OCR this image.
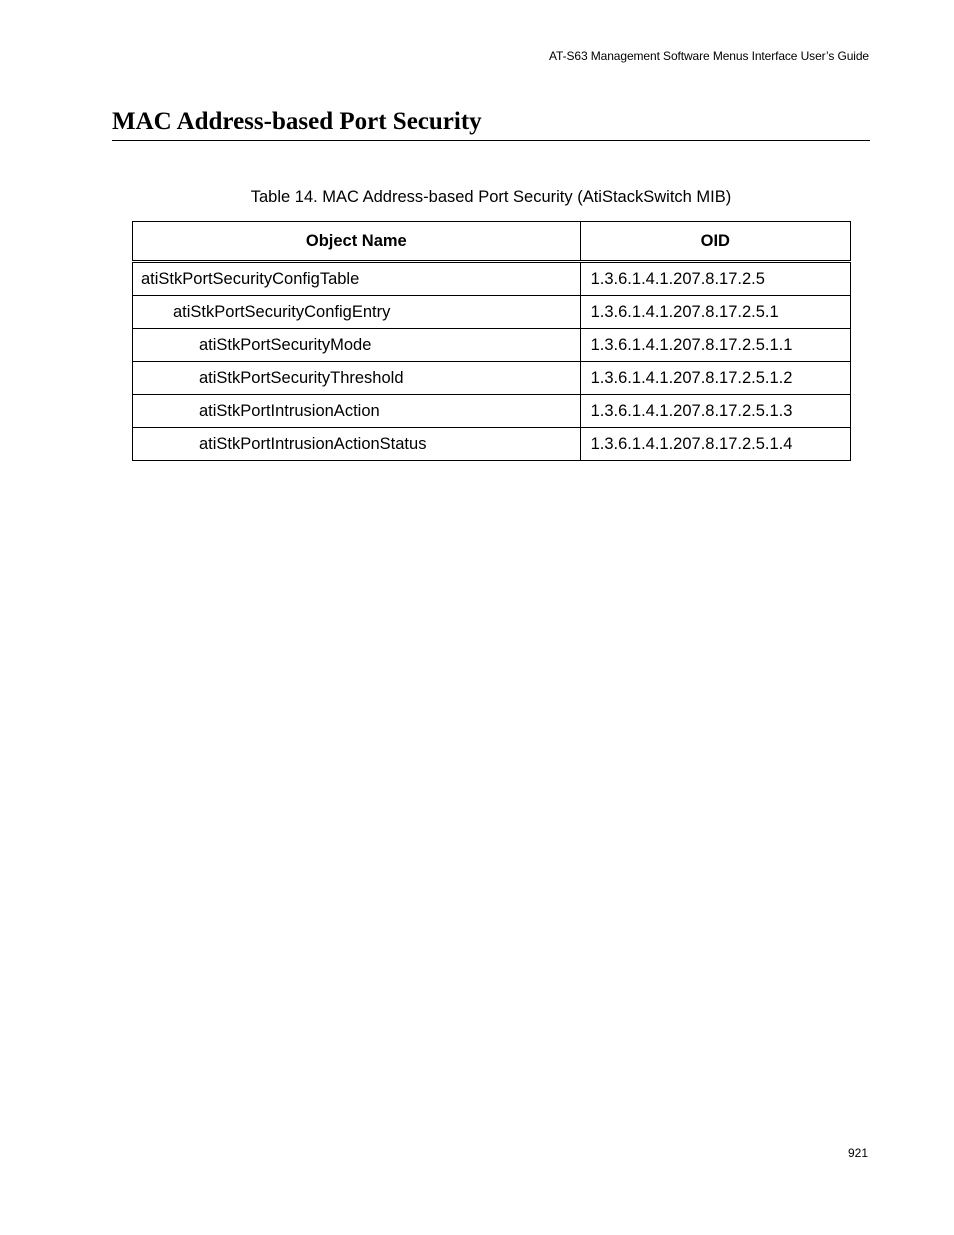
AT-S63 Management Software Menus Interface User’s Guide
MAC Address-based Port Security
Table 14. MAC Address-based Port Security (AtiStackSwitch MIB)
Object Name	OID
atiStkPortSecurityConfigTable	1.3.6.1.4.1.207.8.17.2.5
atiStkPortSecurityConfigEntry	1.3.6.1.4.1.207.8.17.2.5.1
atiStkPortSecurityMode	1.3.6.1.4.1.207.8.17.2.5.1.1
atiStkPortSecurityThreshold	1.3.6.1.4.1.207.8.17.2.5.1.2
atiStkPortIntrusionAction	1.3.6.1.4.1.207.8.17.2.5.1.3
atiStkPortIntrusionActionStatus	1.3.6.1.4.1.207.8.17.2.5.1.4
921
